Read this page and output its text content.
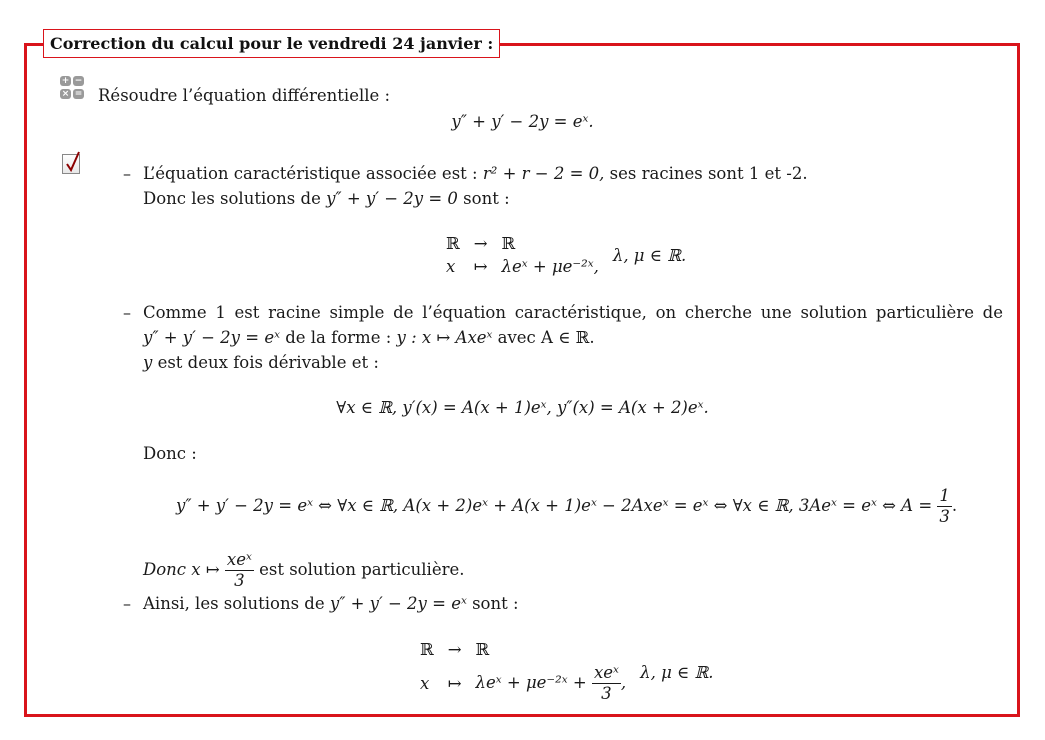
Correction du calcul pour le vendredi 24 janvier :
+ −
× = Résoudre l’équation différentielle :
y″ + y′ − 2y = eˣ.
– L’équation caractéristique associée est : r² + r − 2 = 0, ses racines sont 1 et -2.
Donc les solutions de y″ + y′ − 2y = 0 sont :
ℝ	→	ℝ	λ, μ ∈ ℝ.
x	↦	λeˣ + μe⁻²ˣ,	
– Comme 1 est racine simple de l’équation caractéristique, on cherche une solution particulière de
y″ + y′ − 2y = eˣ de la forme : y : x ↦ Axeˣ avec A ∈ ℝ.
y est deux fois dérivable et :
∀x ∈ ℝ, y′(x) = A(x + 1)eˣ, y″(x) = A(x + 2)eˣ.
Donc :
y″ + y′ − 2y = eˣ ⇔ ∀x ∈ ℝ, A(x + 2)eˣ + A(x + 1)eˣ − 2Axeˣ = eˣ ⇔ ∀x ∈ ℝ, 3Aeˣ = eˣ ⇔ A =
$\frac{1}{3}$ .
Donc x ↦
$\frac{\text{xeˣ}}{3}$
est solution particulière.
– Ainsi, les solutions de y″ + y′ − 2y = eˣ sont :
ℝ	→	ℝ	λ, μ ∈ ℝ.
x	↦	λeˣ + μe⁻²ˣ + $\frac{\text{xeˣ}}{3}$ ,	
